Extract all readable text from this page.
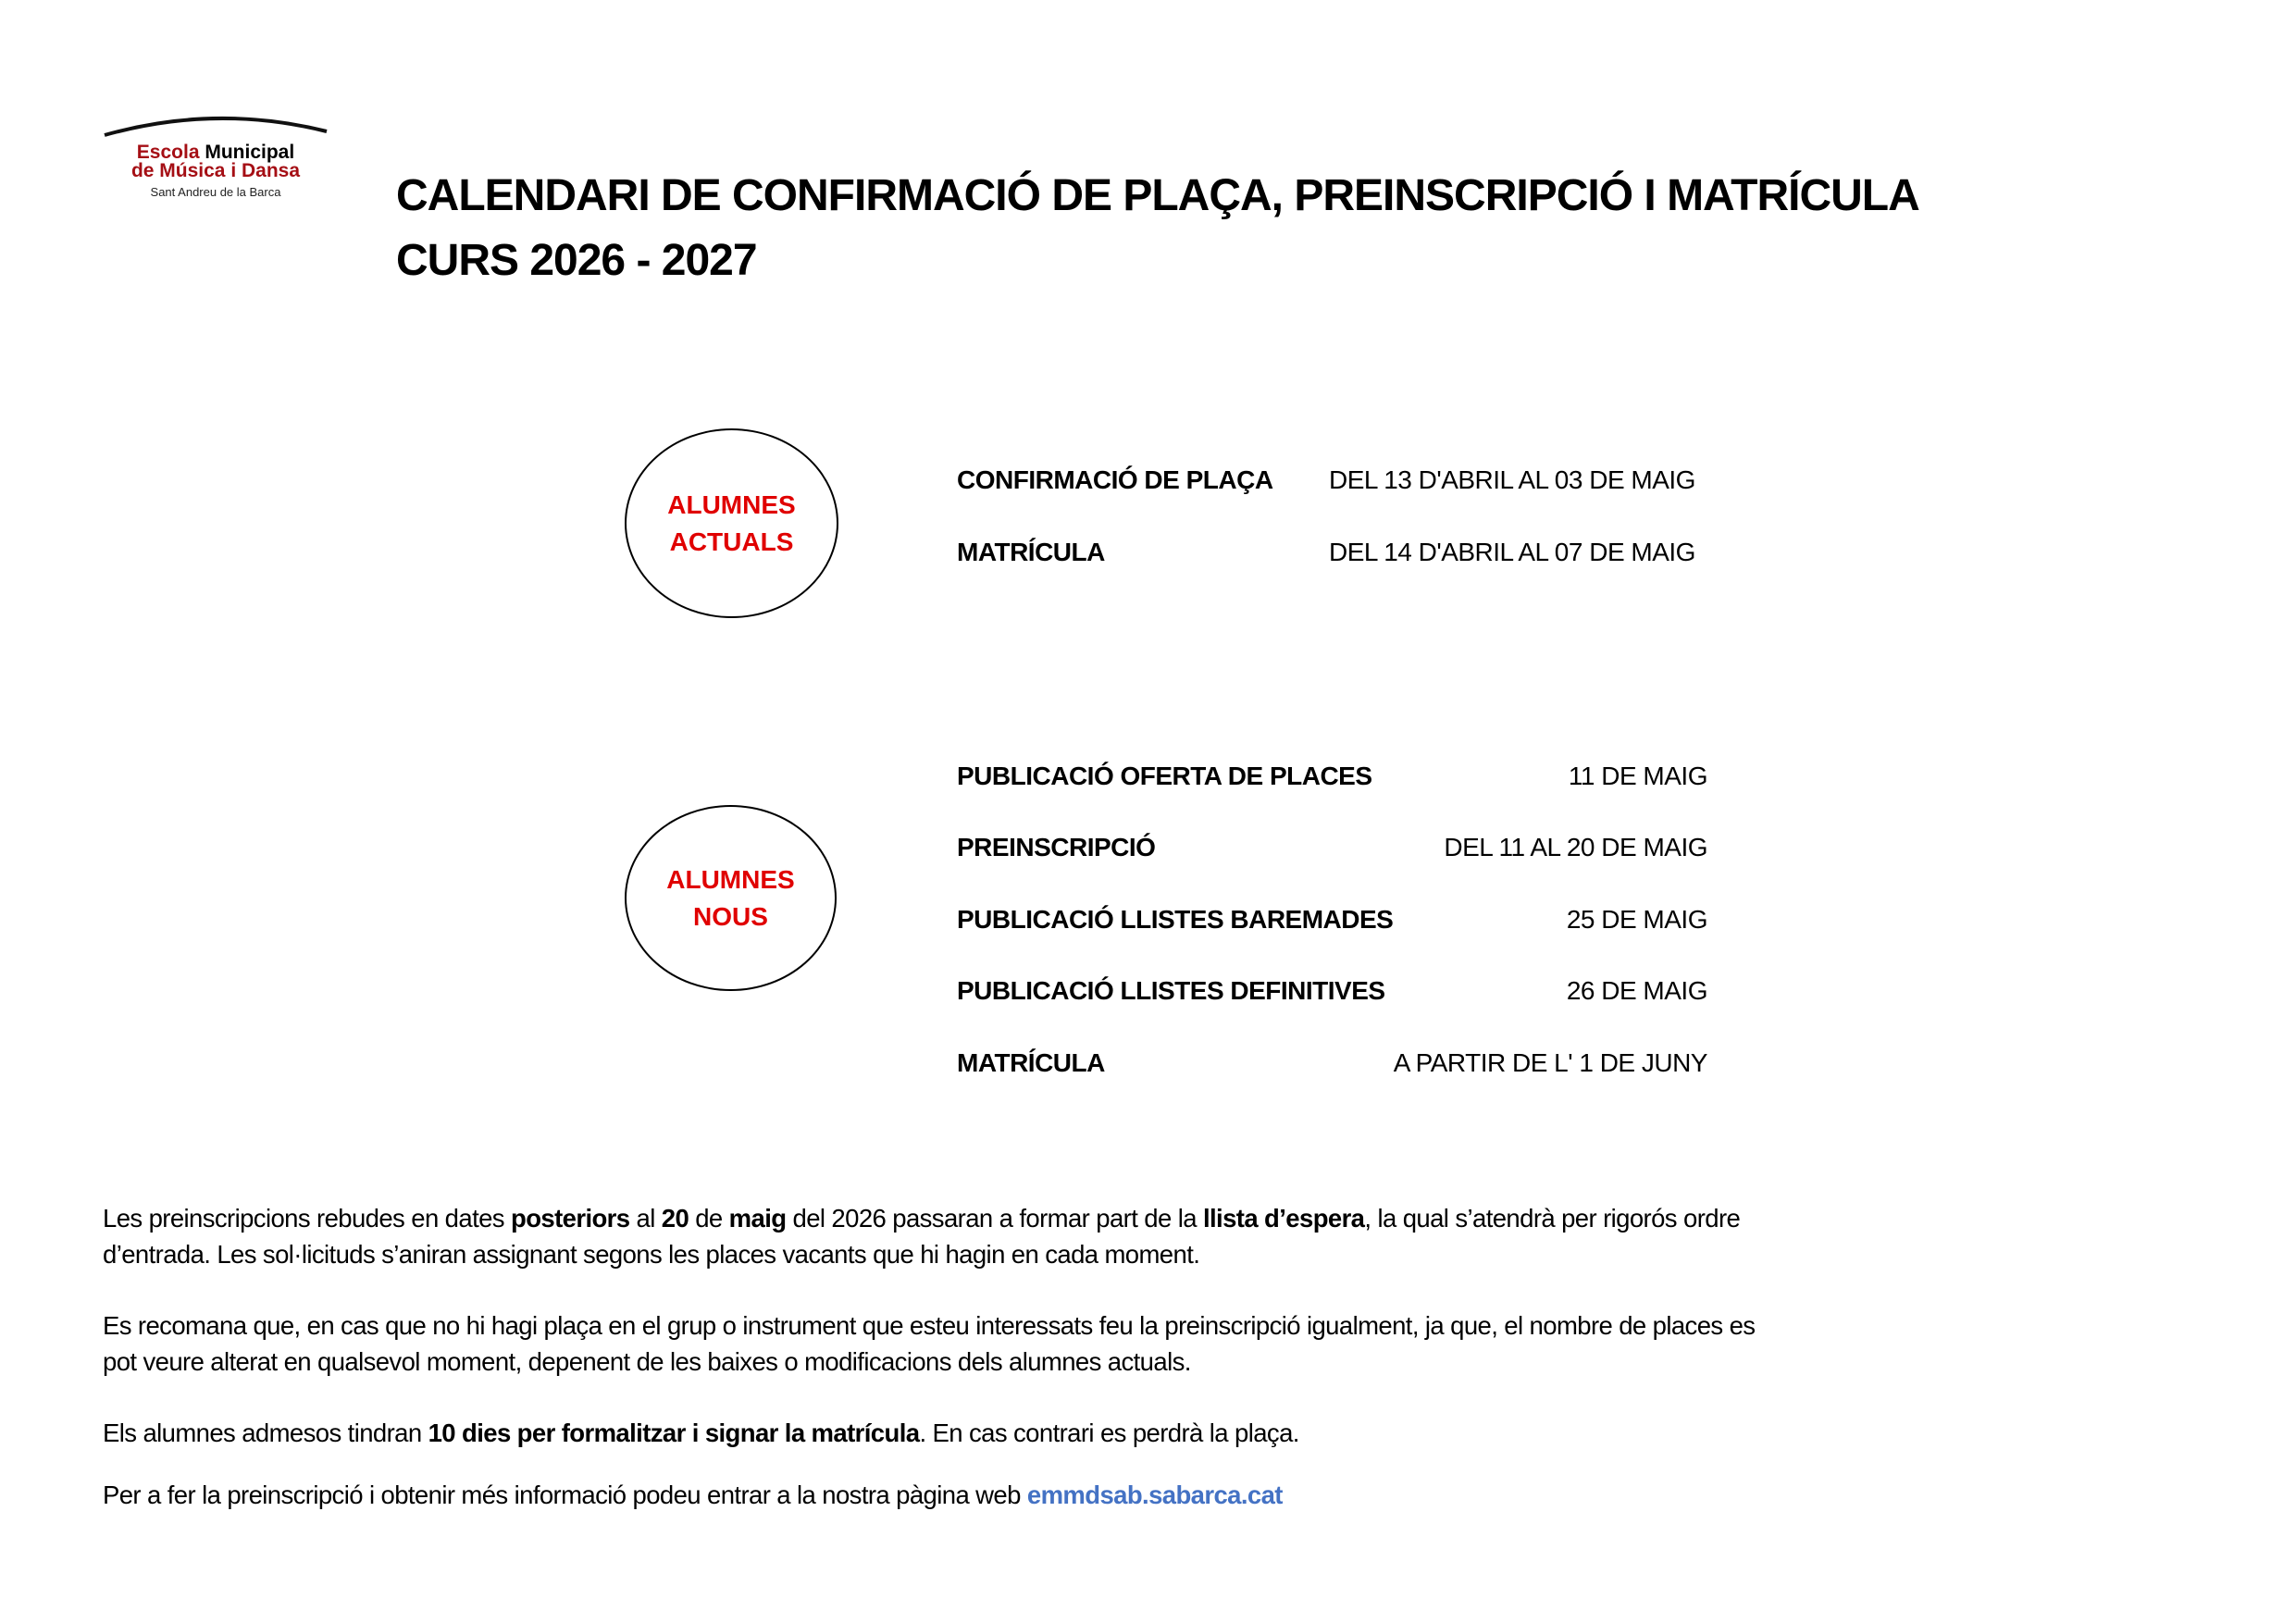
Escola Municipal
de Música i Dansa
Sant Andreu de la Barca	CALENDARI DE CONFIRMACIÓ DE PLAÇA, PREINSCRIPCIÓ I MATRÍCULA
CURS 2026 - 2027
ALUMNES
ACTUALS
CONFIRMACIÓ DE PLAÇA DEL 13 D'ABRIL AL 03 DE MAIG
MATRÍCULA	DEL 14 D'ABRIL AL 07 DE MAIG
ALUMNES
NOUS
PUBLICACIÓ OFERTA DE PLACES	11 DE MAIG
PREINSCRIPCIÓ	DEL 11 AL 20 DE MAIG
PUBLICACIÓ LLISTES BAREMADES	25 DE MAIG
PUBLICACIÓ LLISTES DEFINITIVES	26 DE MAIG
MATRÍCULA	A PARTIR DE L' 1 DE JUNY
Les preinscripcions rebudes en dates posteriors al 20 de maig del 2026 passaran a formar part de la llista d’espera, la qual s’atendrà per rigorós ordre d’entrada. Les sol·licituds s’aniran assignant segons les places vacants que hi hagin en cada moment.
Es recomana que, en cas que no hi hagi plaça en el grup o instrument que esteu interessats feu la preinscripció igualment, ja que, el nombre de places es pot veure alterat en qualsevol moment, depenent de les baixes o modificacions dels alumnes actuals.
Els alumnes admesos tindran 10 dies per formalitzar i signar la matrícula. En cas contrari es perdrà la plaça.
Per a fer la preinscripció i obtenir més informació podeu entrar a la nostra pàgina web emmdsab.sabarca.cat
